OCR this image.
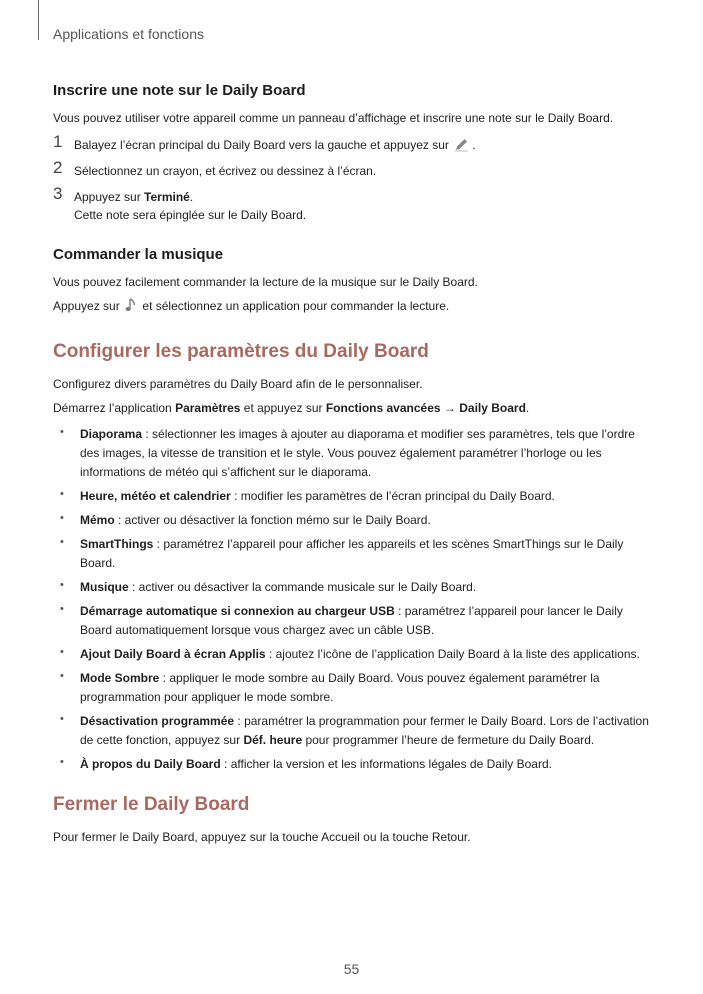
Applications et fonctions
Inscrire une note sur le Daily Board

Vous pouvez utiliser votre appareil comme un panneau d’affichage et inscrire une note sur le Daily Board.

1 Balayez l’écran principal du Daily Board vers la gauche et appuyez sur .
2 Sélectionnez un crayon, et écrivez ou dessinez à l’écran.
3 Appuyez sur Terminé.
Cette note sera épinglée sur le Daily Board.
Commander la musique

Vous pouvez facilement commander la lecture de la musique sur le Daily Board.

Appuyez sur et sélectionnez un application pour commander la lecture.

Configurer les paramètres du Daily Board

Configurez divers paramètres du Daily Board afin de le personnaliser.

Démarrez l’application Paramètres et appuyez sur Fonctions avancées → Daily Board.

• Diaporama : sélectionner les images à ajouter au diaporama et modifier ses paramètres, tels que l’ordre des images, la vitesse de transition et le style. Vous pouvez également paramétrer l’horloge ou les informations de météo qui s’affichent sur le diaporama.
• Heure, météo et calendrier : modifier les paramètres de l’écran principal du Daily Board.
• Mémo : activer ou désactiver la fonction mémo sur le Daily Board.
• SmartThings : paramétrez l’appareil pour afficher les appareils et les scènes SmartThings sur le Daily Board.
• Musique : activer ou désactiver la commande musicale sur le Daily Board.
• Démarrage automatique si connexion au chargeur USB : paramétrez l’appareil pour lancer le Daily Board automatiquement lorsque vous chargez avec un câble USB.
• Ajout Daily Board à écran Applis : ajoutez l’icône de l’application Daily Board à la liste des applications.
• Mode Sombre : appliquer le mode sombre au Daily Board. Vous pouvez également paramétrer la programmation pour appliquer le mode sombre.
• Désactivation programmée : paramétrer la programmation pour fermer le Daily Board. Lors de l’activation de cette fonction, appuyez sur Déf. heure pour programmer l’heure de fermeture du Daily Board.
• À propos du Daily Board : afficher la version et les informations légales de Daily Board.
Fermer le Daily Board

Pour fermer le Daily Board, appuyez sur la touche Accueil ou la touche Retour.

55
